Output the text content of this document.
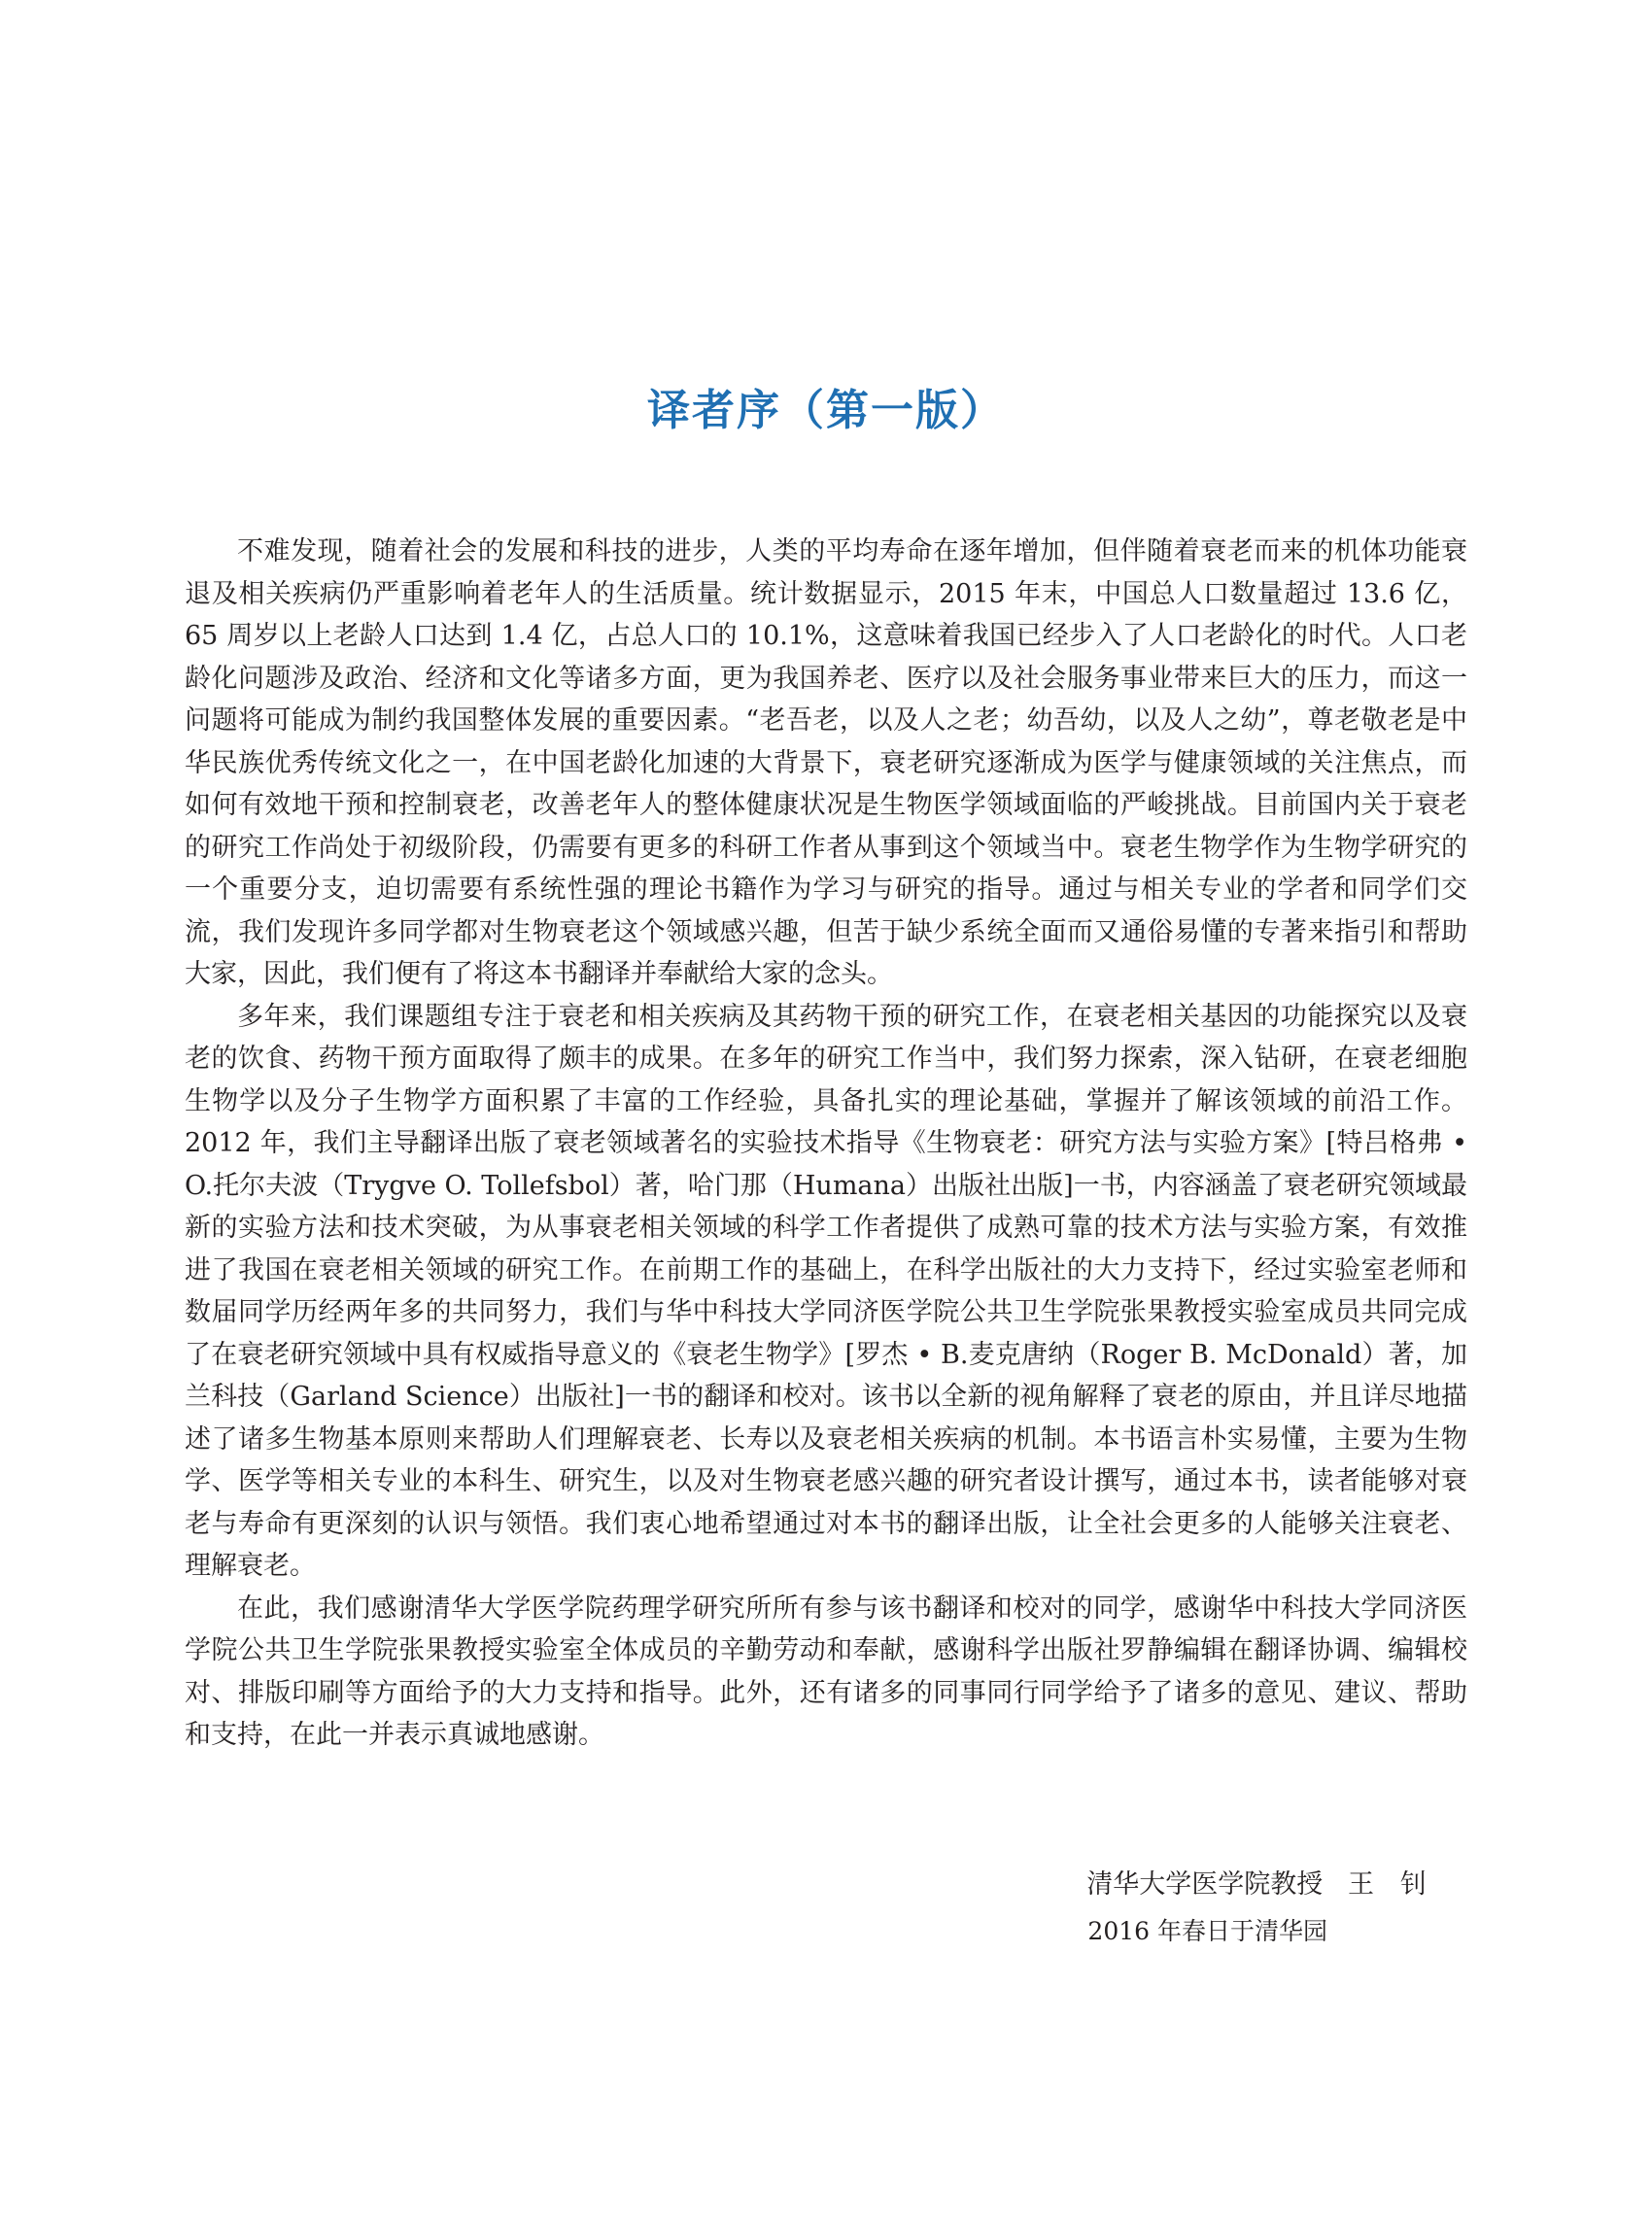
译者序（第一版）

不难发现，随着社会的发展和科技的进步，人类的平均寿命在逐年增加，但伴随着衰老而来的机体功能衰退及相关疾病仍严重影响着老年人的生活质量。统计数据显示，2015 年末，中国总人口数量超过 13.6 亿，65 周岁以上老龄人口达到 1.4 亿，占总人口的 10.1%，这意味着我国已经步入了人口老龄化的时代。人口老龄化问题涉及政治、经济和文化等诸多方面，更为我国养老、医疗以及社会服务事业带来巨大的压力，而这一问题将可能成为制约我国整体发展的重要因素。“老吾老，以及人之老；幼吾幼，以及人之幼”，尊老敬老是中华民族优秀传统文化之一，在中国老龄化加速的大背景下，衰老研究逐渐成为医学与健康领域的关注焦点，而如何有效地干预和控制衰老，改善老年人的整体健康状况是生物医学领域面临的严峻挑战。目前国内关于衰老的研究工作尚处于初级阶段，仍需要有更多的科研工作者从事到这个领域当中。衰老生物学作为生物学研究的一个重要分支，迫切需要有系统性强的理论书籍作为学习与研究的指导。通过与相关专业的学者和同学们交流，我们发现许多同学都对生物衰老这个领域感兴趣，但苦于缺少系统全面而又通俗易懂的专著来指引和帮助大家，因此，我们便有了将这本书翻译并奉献给大家的念头。

多年来，我们课题组专注于衰老和相关疾病及其药物干预的研究工作，在衰老相关基因的功能探究以及衰老的饮食、药物干预方面取得了颇丰的成果。在多年的研究工作当中，我们努力探索，深入钻研，在衰老细胞生物学以及分子生物学方面积累了丰富的工作经验，具备扎实的理论基础，掌握并了解该领域的前沿工作。2012 年，我们主导翻译出版了衰老领域著名的实验技术指导《生物衰老：研究方法与实验方案》[特吕格弗 • O.托尔夫波（Trygve O. Tollefsbol）著，哈门那（Humana）出版社出版]一书，内容涵盖了衰老研究领域最新的实验方法和技术突破，为从事衰老相关领域的科学工作者提供了成熟可靠的技术方法与实验方案，有效推进了我国在衰老相关领域的研究工作。在前期工作的基础上，在科学出版社的大力支持下，经过实验室老师和数届同学历经两年多的共同努力，我们与华中科技大学同济医学院公共卫生学院张果教授实验室成员共同完成了在衰老研究领域中具有权威指导意义的《衰老生物学》[罗杰 • B.麦克唐纳（Roger B. McDonald）著，加兰科技（Garland Science）出版社]一书的翻译和校对。该书以全新的视角解释了衰老的原由，并且详尽地描述了诸多生物基本原则来帮助人们理解衰老、长寿以及衰老相关疾病的机制。本书语言朴实易懂，主要为生物学、医学等相关专业的本科生、研究生，以及对生物衰老感兴趣的研究者设计撰写，通过本书，读者能够对衰老与寿命有更深刻的认识与领悟。我们衷心地希望通过对本书的翻译出版，让全社会更多的人能够关注衰老、理解衰老。

在此，我们感谢清华大学医学院药理学研究所所有参与该书翻译和校对的同学，感谢华中科技大学同济医学院公共卫生学院张果教授实验室全体成员的辛勤劳动和奉献，感谢科学出版社罗静编辑在翻译协调、编辑校对、排版印刷等方面给予的大力支持和指导。此外，还有诸多的同事同行同学给予了诸多的意见、建议、帮助和支持，在此一并表示真诚地感谢。

清华大学医学院教授 王　钊

2016 年春日于清华园
